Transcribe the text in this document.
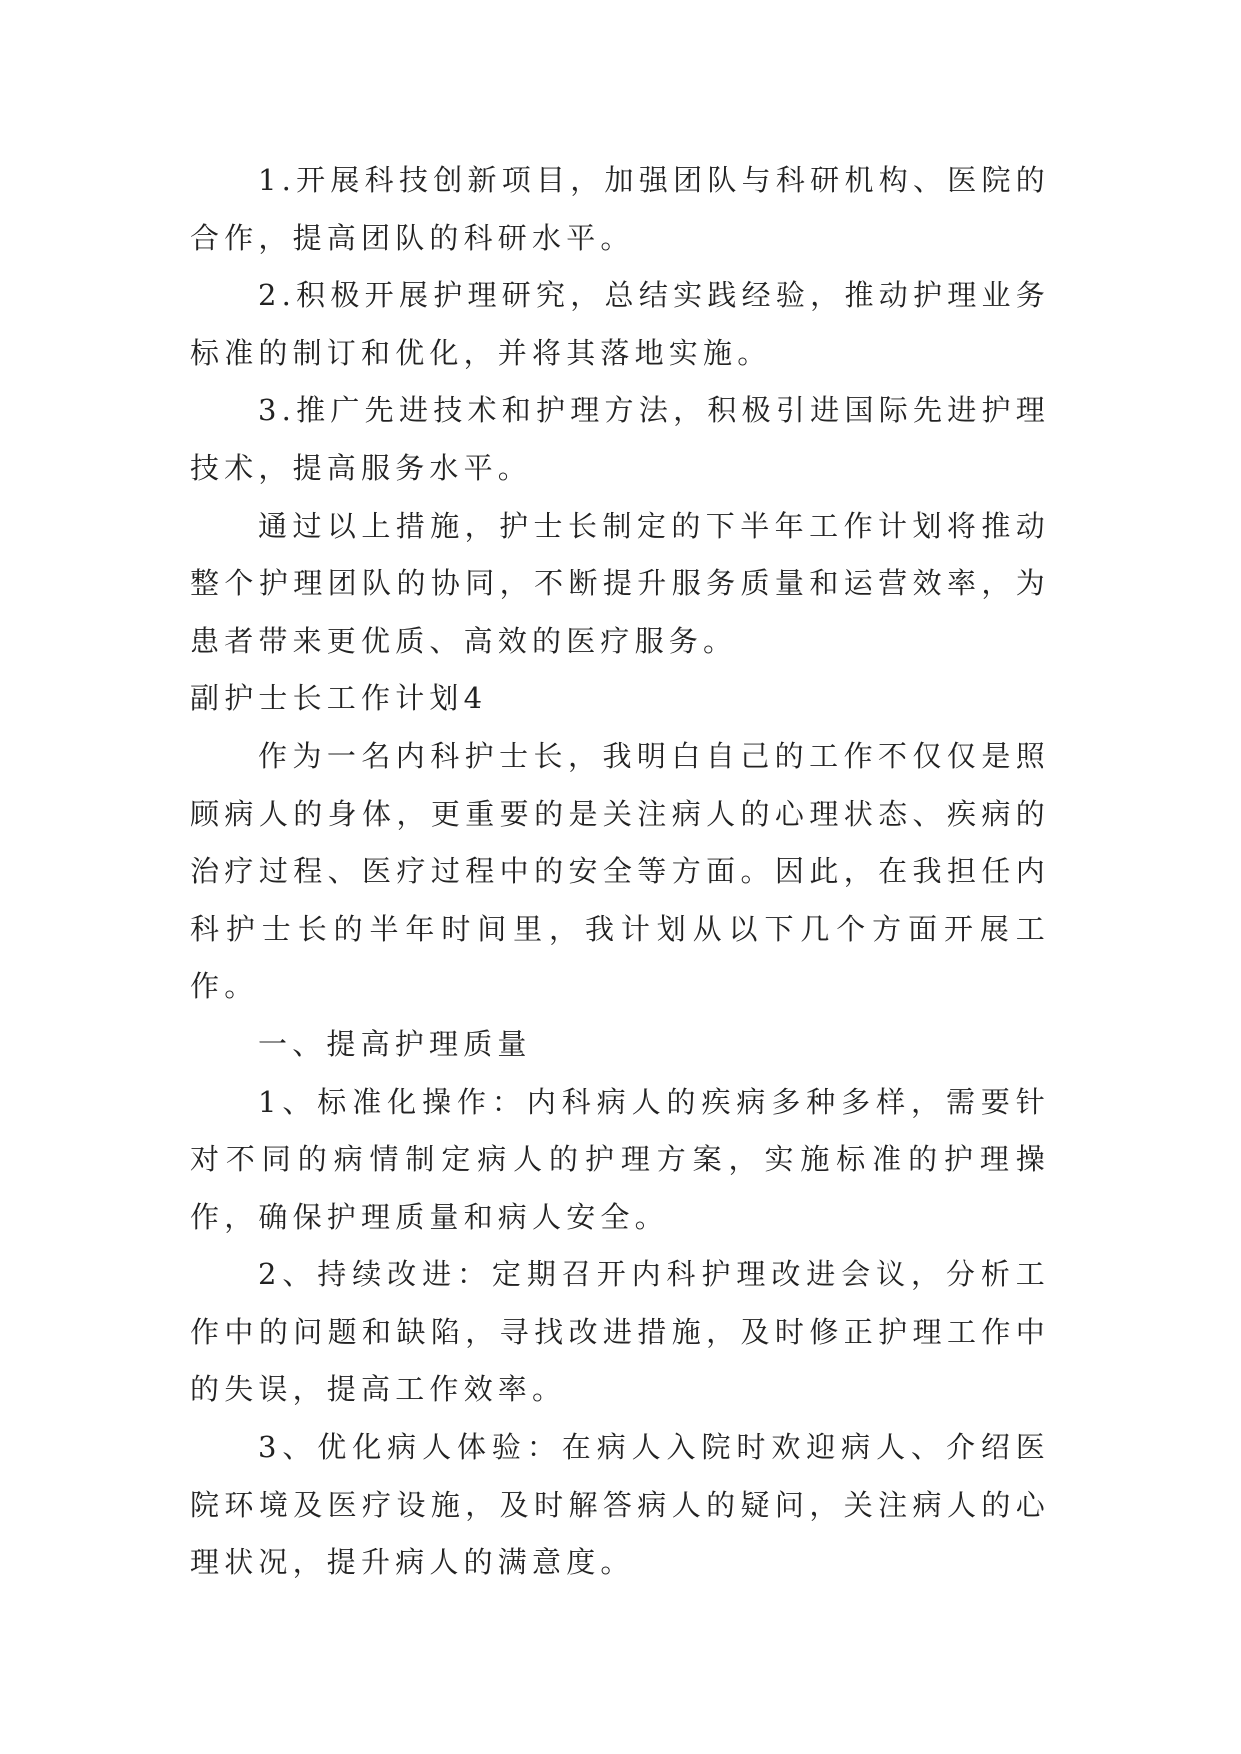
1.开展科技创新项目，加强团队与科研机构、医院的合作，提高团队的科研水平。

2.积极开展护理研究，总结实践经验，推动护理业务标准的制订和优化，并将其落地实施。

3.推广先进技术和护理方法，积极引进国际先进护理技术，提高服务水平。

通过以上措施，护士长制定的下半年工作计划将推动整个护理团队的协同，不断提升服务质量和运营效率，为患者带来更优质、高效的医疗服务。

副护士长工作计划4

作为一名内科护士长，我明白自己的工作不仅仅是照顾病人的身体，更重要的是关注病人的心理状态、疾病的治疗过程、医疗过程中的安全等方面。因此，在我担任内科护士长的半年时间里，我计划从以下几个方面开展工作。

一、提高护理质量

1、标准化操作：内科病人的疾病多种多样，需要针对不同的病情制定病人的护理方案，实施标准的护理操作，确保护理质量和病人安全。

2、持续改进：定期召开内科护理改进会议，分析工作中的问题和缺陷，寻找改进措施，及时修正护理工作中的失误，提高工作效率。

3、优化病人体验：在病人入院时欢迎病人、介绍医院环境及医疗设施，及时解答病人的疑问，关注病人的心理状况，提升病人的满意度。
